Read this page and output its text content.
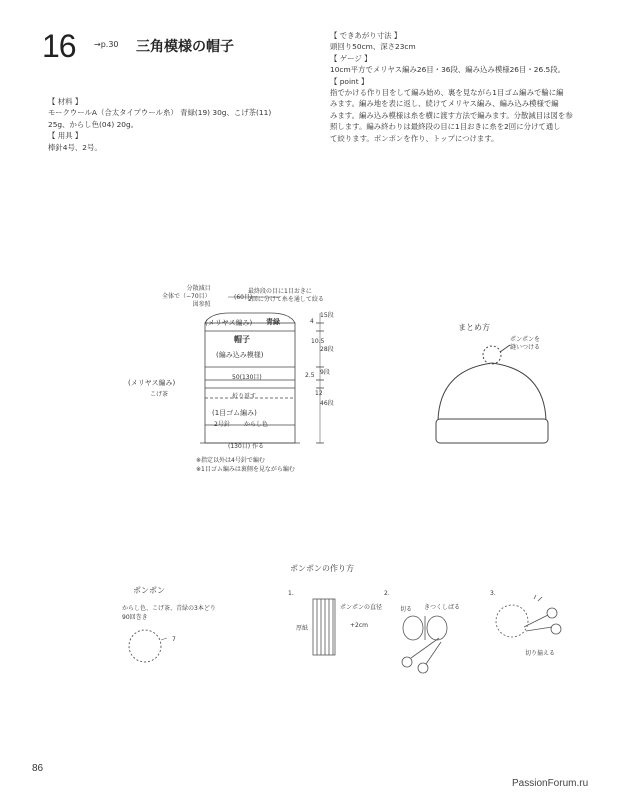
16 →p.30 三角模様の帽子

【 材料 】

モークウールA（合太タイプウール糸） 青緑(19) 30g、こげ茶(11)

25g、からし色(04) 20g。

【 用具 】

棒針4号、2号。

【 できあがり寸法 】

頭回り50cm、深さ23cm

【 ゲージ 】

10cm平方でメリヤス編み26目・36段、編み込み模様26目・26.5段。

【 point 】

指でかける作り目をして編み始め、裏を見ながら1目ゴム編みで輪に編

みます。編み地を表に返し、続けてメリヤス編み、編み込み模様で編

みます。編み込み模様は糸を横に渡す方法で編みます。分散減目は図を参

照します。編み終わりは最終段の目に1目おきに糸を2回に分けて通し

て絞ります。ポンポンを作り、トップにつけます。

分散減目
全体で（−70目）
図参照
最終段の目に1目おきに
2回に分けて糸を通して絞る
(60目)
(メリヤス編み) 青緑
帽子
(編み込み模様)
50(130目)
(メリヤス編み)
こげ茶	折り返す
(1目ゴム編み)
2号針 からし色
(130目) 作る
※指定以外は4号針で編む
※1目ゴム編みは裏側を見ながら編む
4
15段
10.5
28段
2.5 9段
12
46段
まとめ方
ポンポンを
縫いつける
ポンポンの作り方
ポンポン
からし色、こげ茶、青緑の3本どり
90回巻き
7
1.
厚紙
ポンポンの直径
+2cm
2.
切る きつくしばる
3.
切り揃える
86
PassionForum.ru
